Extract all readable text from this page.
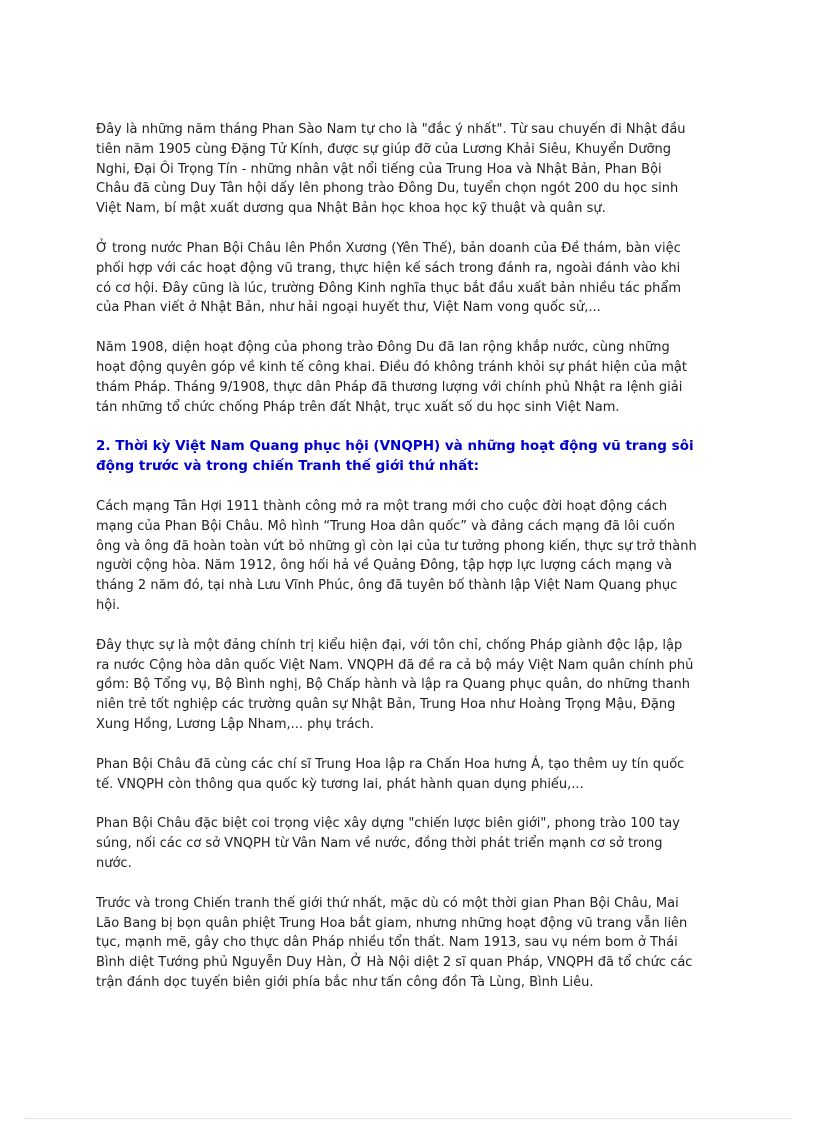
Đây là những năm tháng Phan Sào Nam tự cho là "đắc ý nhất". Từ sau chuyến đi Nhật đầu
tiên năm 1905 cùng Đặng Tử Kính, được sự giúp đỡ của Lương Khải Siêu, Khuyển Dưỡng
Nghi, Đại Ôi Trọng Tín - những nhân vật nổi tiếng của Trung Hoa và Nhật Bản, Phan Bội
Châu đã cùng Duy Tân hội dấy lên phong trào Đông Du, tuyển chọn ngót 200 du học sinh
Việt Nam, bí mật xuất dương qua Nhật Bản học khoa học kỹ thuật và quân sự.
Ở trong nước Phan Bội Châu lên Phồn Xương (Yên Thế), bản doanh của Đề thám, bàn việc
phối hợp với các hoạt động vũ trang, thực hiện kế sách trong đánh ra, ngoài đánh vào khi
có cơ hội. Đây cũng là lúc, trường Đông Kinh nghĩa thục bắt đầu xuất bản nhiều tác phẩm
của Phan viết ở Nhật Bản, như hải ngoại huyết thư, Việt Nam vong quốc sử,...
Năm 1908, diện hoạt động của phong trào Đông Du đã lan rộng khắp nước, cùng những
hoạt động quyên góp về kinh tế công khai. Điều đó không tránh khỏi sự phát hiện của mật
thám Pháp. Tháng 9/1908, thực dân Pháp đã thương lượng với chính phủ Nhật ra lệnh giải
tán những tổ chức chống Pháp trên đất Nhật, trục xuất số du học sinh Việt Nam.
2. Thời kỳ Việt Nam Quang phục hội (VNQPH) và những hoạt động vũ trang sôi
động trước và trong chiến Tranh thế giới thứ nhất:
Cách mạng Tân Hợi 1911 thành công mở ra một trang mới cho cuộc đời hoạt động cách
mạng của Phan Bội Châu. Mô hình “Trung Hoa dân quốc” và đảng cách mạng đã lôi cuốn
ông và ông đã hoàn toàn vứt bỏ những gì còn lại của tư tưởng phong kiến, thực sự trở thành
người cộng hòa. Năm 1912, ông hối hả về Quảng Đông, tập hợp lực lượng cách mạng và
tháng 2 năm đó, tại nhà Lưu Vĩnh Phúc, ông đã tuyên bố thành lập Việt Nam Quang phục
hội.
Đây thực sự là một đảng chính trị kiểu hiện đại, với tôn chỉ, chống Pháp giành độc lập, lập
ra nước Cộng hòa dân quốc Việt Nam. VNQPH đã đề ra cả bộ máy Việt Nam quân chính phủ
gồm: Bộ Tổng vụ, Bộ Bình nghị, Bộ Chấp hành và lập ra Quang phục quân, do những thanh
niên trẻ tốt nghiệp các trường quân sự Nhật Bản, Trung Hoa như Hoàng Trọng Mậu, Đặng
Xung Hồng, Lương Lập Nham,... phụ trách.
Phan Bội Châu đã cùng các chí sĩ Trung Hoa lập ra Chấn Hoa hưng Á, tạo thêm uy tín quốc
tế. VNQPH còn thông qua quốc kỳ tương lai, phát hành quan dụng phiếu,...
Phan Bội Châu đặc biệt coi trọng việc xây dựng "chiến lược biên giới", phong trào 100 tay
súng, nối các cơ sở VNQPH từ Vân Nam về nước, đồng thời phát triển mạnh cơ sở trong
nước.
Trước và trong Chiến tranh thế giới thứ nhất, mặc dù có một thời gian Phan Bội Châu, Mai
Lão Bang bị bọn quân phiệt Trung Hoa bắt giam, nhưng những hoạt động vũ trang vẫn liên
tục, mạnh mẽ, gây cho thực dân Pháp nhiều tổn thất. Nam 1913, sau vụ ném bom ở Thái
Bình diệt Tướng phủ Nguyễn Duy Hàn, Ở Hà Nội diệt 2 sĩ quan Pháp, VNQPH đã tổ chức các
trận đánh dọc tuyến biên giới phía bắc như tấn công đồn Tà Lùng, Bình Liêu.
